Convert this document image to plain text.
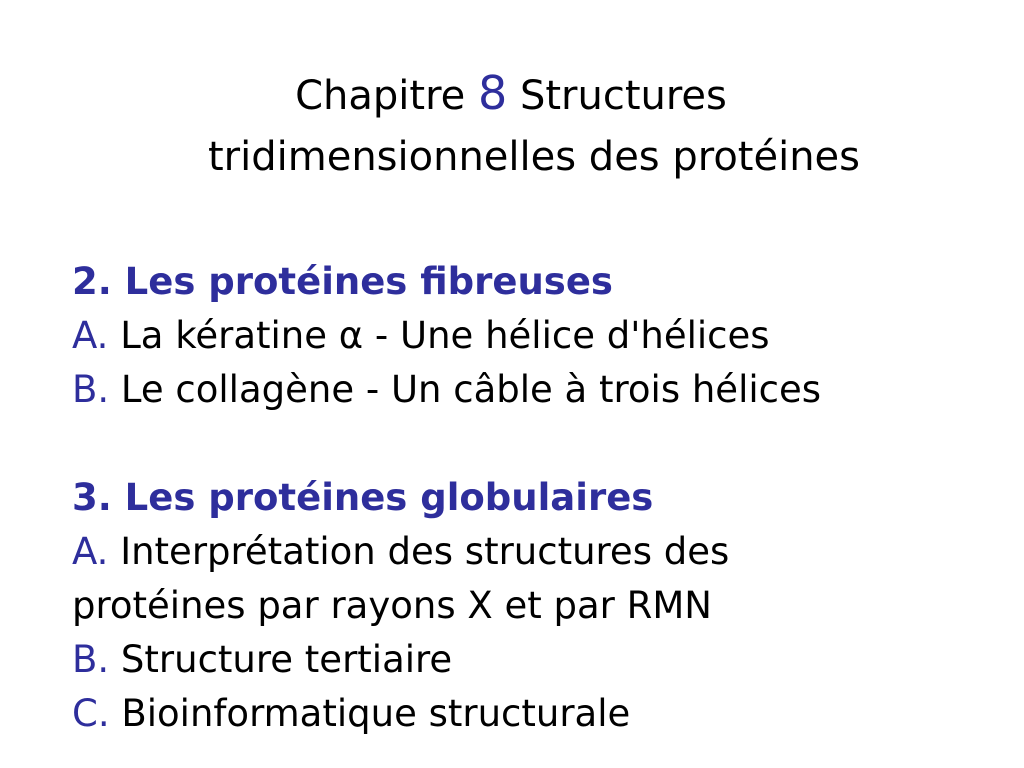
Chapitre 8 Structures
tridimensionnelles des protéines
2. Les protéines fibreuses
A. La kératine α - Une hélice d'hélices
B. Le collagène - Un câble à trois hélices
3. Les protéines globulaires
A. Interprétation des structures des
protéines par rayons X et par RMN
B. Structure tertiaire
C. Bioinformatique structurale
